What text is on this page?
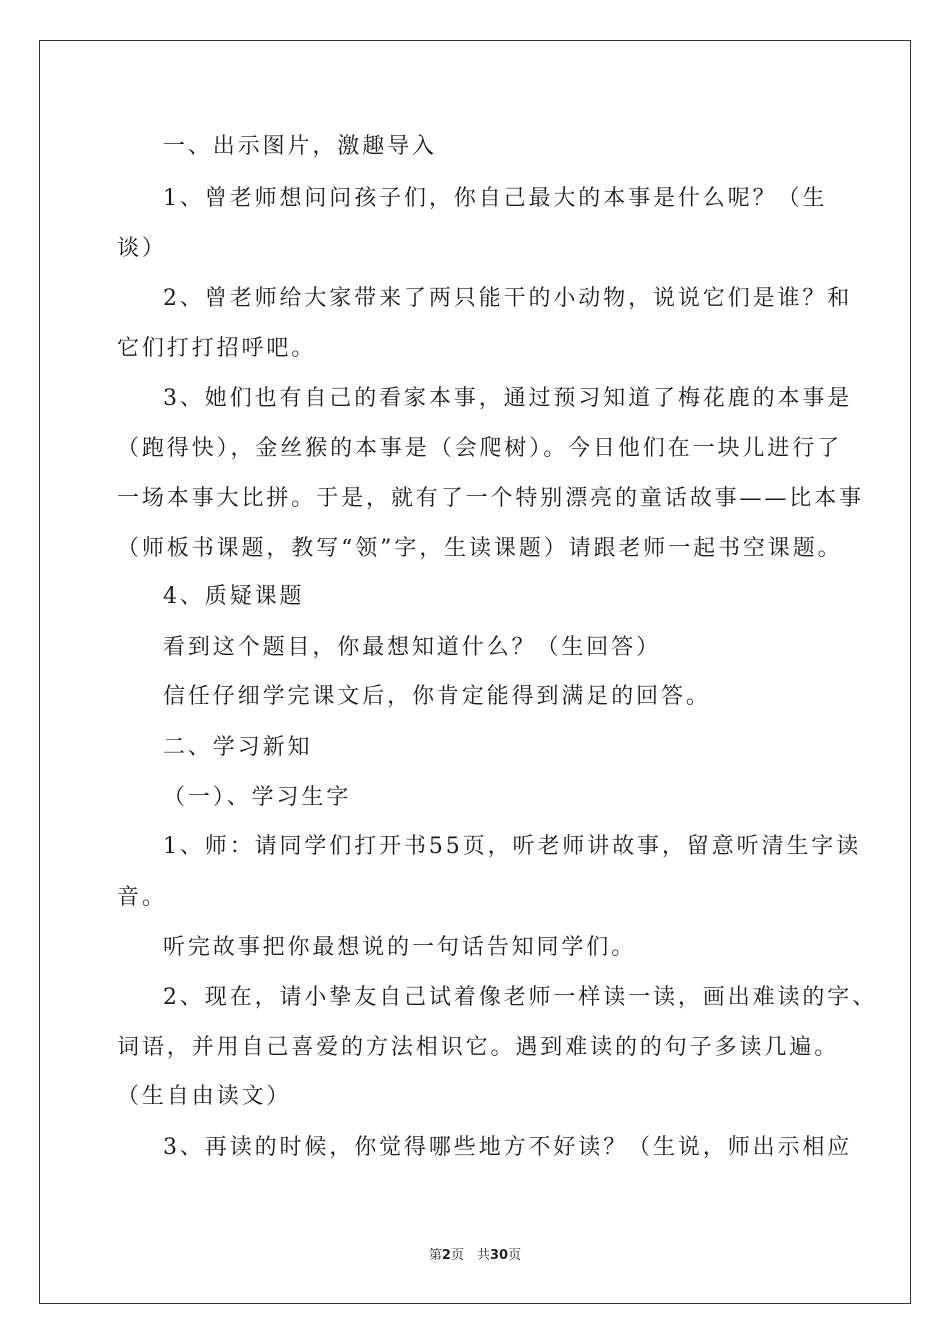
一、出示图片，激趣导入
1、曾老师想问问孩子们，你自己最大的本事是什么呢？（生
谈）
2、曾老师给大家带来了两只能干的小动物，说说它们是谁？和
它们打打招呼吧。
3、她们也有自己的看家本事，通过预习知道了梅花鹿的本事是
（跑得快），金丝猴的本事是（会爬树）。今日他们在一块儿进行了
一场本事大比拼。于是，就有了一个特别漂亮的童话故事——比本事
（师板书课题，教写“领”字，生读课题）请跟老师一起书空课题。
4、质疑课题
看到这个题目，你最想知道什么？（生回答）
信任仔细学完课文后，你肯定能得到满足的回答。
二、学习新知
（一）、学习生字
1、师：请同学们打开书55页，听老师讲故事，留意听清生字读
音。
听完故事把你最想说的一句话告知同学们。
2、现在，请小挚友自己试着像老师一样读一读，画出难读的字、
词语，并用自己喜爱的方法相识它。遇到难读的的句子多读几遍。
（生自由读文）
3、再读的时候，你觉得哪些地方不好读？（生说，师出示相应
第2页　共30页
